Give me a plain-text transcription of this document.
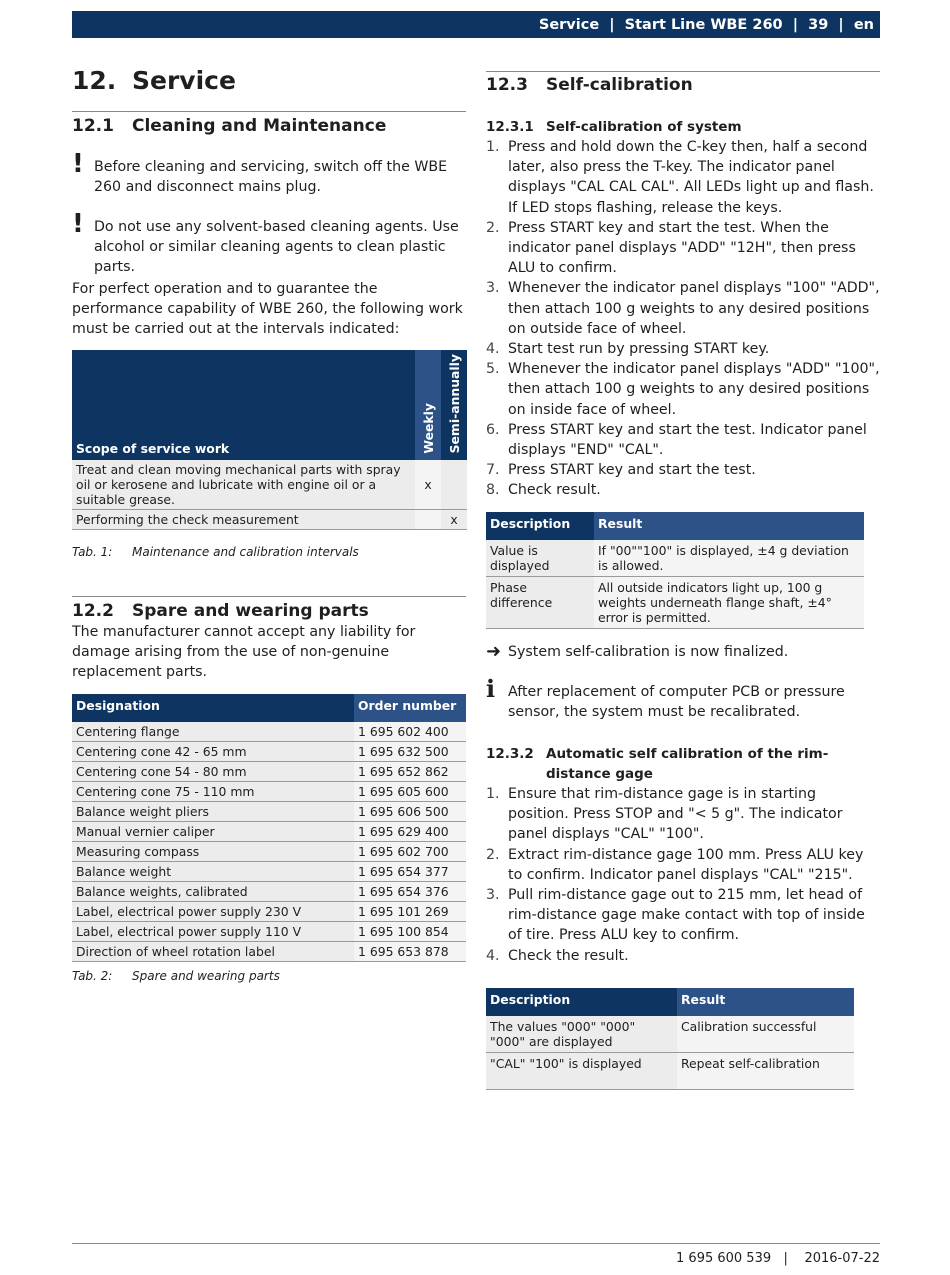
Service | Start Line WBE 260 | 39 | en
12. Service
12.1 Cleaning and Maintenance
! Before cleaning and servicing, switch off the WBE 260 and disconnect mains plug.
! Do not use any solvent-based cleaning agents. Use alcohol or similar cleaning agents to clean plastic parts.

For perfect operation and to guarantee the performance capability of WBE 260, the following work must be carried out at the intervals indicated:

Scope of service work	Weekly	Semi-annually
Treat and clean moving mechanical parts with spray oil or kerosene and lubricate with engine oil or a suitable grease.	x	
Performing the check measurement		x
Tab. 1:	Maintenance and calibration intervals
12.2 Spare and wearing parts

The manufacturer cannot accept any liability for damage arising from the use of non-genuine replacement parts.

Designation	Order number
Centering flange	1 695 602 400
Centering cone 42 - 65 mm	1 695 632 500
Centering cone 54 - 80 mm	1 695 652 862
Centering cone 75 - 110 mm	1 695 605 600
Balance weight pliers	1 695 606 500
Manual vernier caliper	1 695 629 400
Measuring compass	1 695 602 700
Balance weight	1 695 654 377
Balance weights, calibrated	1 695 654 376
Label, electrical power supply 230 V	1 695 101 269
Label, electrical power supply 110 V	1 695 100 854
Direction of wheel rotation label	1 695 653 878
Tab. 2:	Spare and wearing parts
12.3 Self-calibration
12.3.1 Self-calibration of system
1. Press and hold down the C-key then, half a second later, also press the T-key. The indicator panel displays "CAL CAL CAL". All LEDs light up and flash. If LED stops flashing, release the keys.
2. Press START key and start the test. When the indicator panel displays "ADD" "12H", then press ALU to confirm.
3. Whenever the indicator panel displays "100" "ADD", then attach 100 g weights to any desired positions on outside face of wheel.
4. Start test run by pressing START key.
5. Whenever the indicator panel displays "ADD" "100", then attach 100 g weights to any desired positions on inside face of wheel.
6. Press START key and start the test. Indicator panel displays "END" "CAL".
7. Press START key and start the test.
8. Check result.
Description	Result
Value is displayed	If "00""100" is displayed, ±4 g deviation is allowed.
Phase difference	All outside indicators light up, 100 g weights underneath flange shaft, ±4° error is permitted.
➜ System self-calibration is now finalized.
ℹ After replacement of computer PCB or pressure sensor, the system must be recalibrated.
12.3.2 Automatic self calibration of the rim-distance gage
1. Ensure that rim-distance gage is in starting position. Press STOP and "< 5 g". The indicator panel displays "CAL" "100".
2. Extract rim-distance gage 100 mm. Press ALU key to confirm. Indicator panel displays "CAL" "215".
3. Pull rim-distance gage out to 215 mm, let head of rim-distance gage make contact with top of inside of tire. Press ALU key to confirm.
4. Check the result.
Description	Result
The values "000" "000" "000" are displayed	Calibration successful
"CAL" "100" is displayed	Repeat self-calibration
1 695 600 539   |    2016-07-22
